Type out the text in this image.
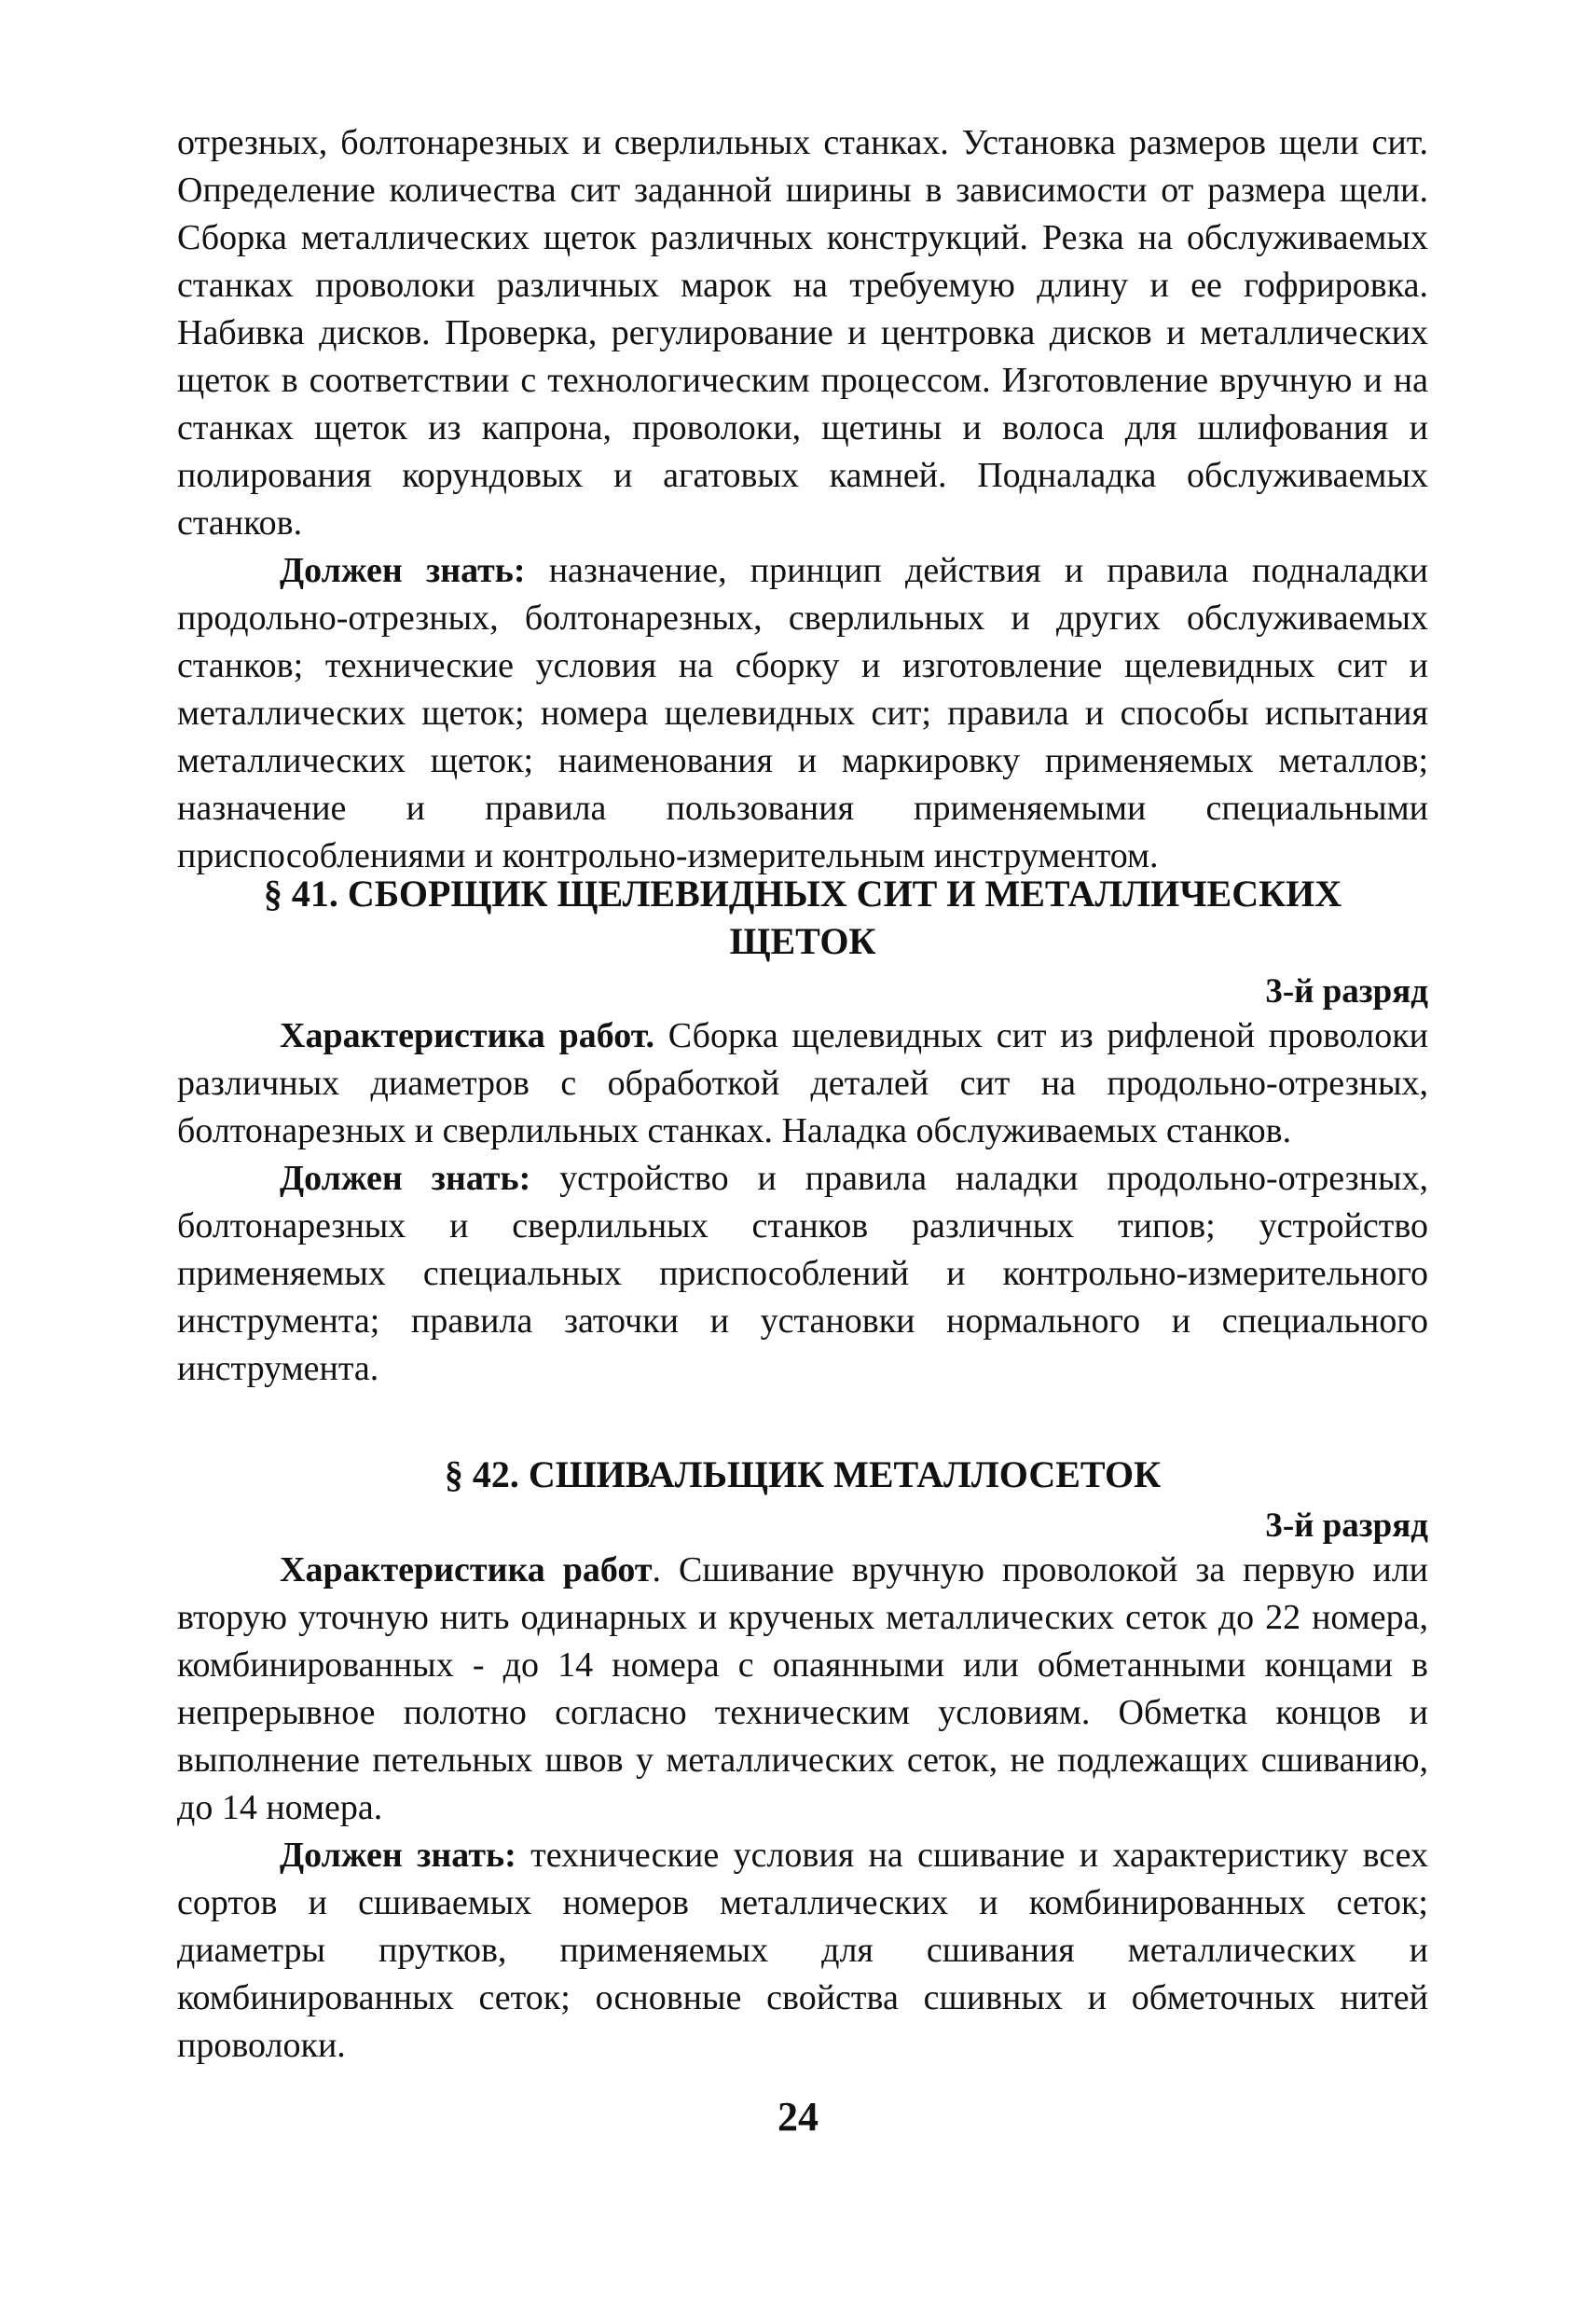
отрезных, болтонарезных и сверлильных станках. Установка размеров щели сит. Определение количества сит заданной ширины в зависимости от размера щели. Сборка металлических щеток различных конструкций. Резка на обслуживаемых станках проволоки различных марок на требуемую длину и ее гофрировка. Набивка дисков. Проверка, регулирование и центровка дисков и металлических щеток в соответствии с технологическим процессом. Изготовление вручную и на станках щеток из капрона, проволоки, щетины и волоса для шлифования и полирования корундовых и агатовых камней. Подналадка обслуживаемых станков.

Должен знать: назначение, принцип действия и правила подналадки продольно-отрезных, болтонарезных, сверлильных и других обслуживаемых станков; технические условия на сборку и изготовление щелевидных сит и металлических щеток; номера щелевидных сит; правила и способы испытания металлических щеток; наименования и маркировку применяемых металлов; назначение и правила пользования применяемыми специальными приспособлениями и контрольно-измерительным инструментом.

§ 41. СБОРЩИК ЩЕЛЕВИДНЫХ СИТ И МЕТАЛЛИЧЕСКИХ
ЩЕТОК

3-й разряд

Характеристика работ. Сборка щелевидных сит из рифленой проволоки различных диаметров с обработкой деталей сит на продольно-отрезных, болтонарезных и сверлильных станках. Наладка обслуживаемых станков.

Должен знать: устройство и правила наладки продольно-отрезных, болтонарезных и сверлильных станков различных типов; устройство применяемых специальных приспособлений и контрольно-измерительного инструмента; правила заточки и установки нормального и специального инструмента.

§ 42. СШИВАЛЬЩИК МЕТАЛЛОСЕТОК

3-й разряд

Характеристика работ. Сшивание вручную проволокой за первую или вторую уточную нить одинарных и крученых металлических сеток до 22 номера, комбинированных - до 14 номера с опаянными или обметанными концами в непрерывное полотно согласно техническим условиям. Обметка концов и выполнение петельных швов у металлических сеток, не подлежащих сшиванию, до 14 номера.

Должен знать: технические условия на сшивание и характеристику всех сортов и сшиваемых номеров металлических и комбинированных сеток; диаметры прутков, применяемых для сшивания металлических и комбинированных сеток; основные свойства сшивных и обметочных нитей проволоки.

24
